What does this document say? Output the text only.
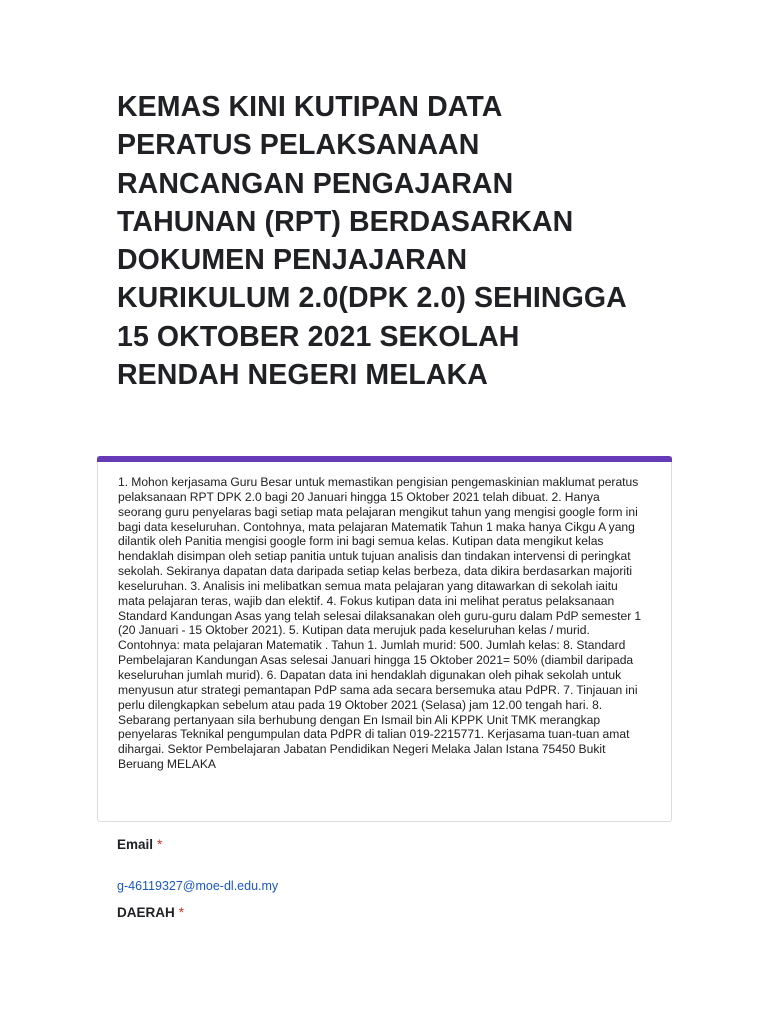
KEMAS KINI KUTIPAN DATA PERATUS PELAKSANAAN RANCANGAN PENGAJARAN TAHUNAN (RPT) BERDASARKAN DOKUMEN PENJAJARAN KURIKULUM 2.0(DPK 2.0) SEHINGGA 15 OKTOBER 2021 SEKOLAH RENDAH NEGERI MELAKA

1. Mohon kerjasama Guru Besar untuk memastikan pengisian pengemaskinian maklumat peratus pelaksanaan RPT DPK 2.0 bagi 20 Januari hingga 15 Oktober 2021 telah dibuat. 2. Hanya seorang guru penyelaras bagi setiap mata pelajaran mengikut tahun yang mengisi google form ini bagi data keseluruhan. Contohnya, mata pelajaran Matematik Tahun 1 maka hanya Cikgu A yang dilantik oleh Panitia mengisi google form ini bagi semua kelas. Kutipan data mengikut kelas hendaklah disimpan oleh setiap panitia untuk tujuan analisis dan tindakan intervensi di peringkat sekolah. Sekiranya dapatan data daripada setiap kelas berbeza, data dikira berdasarkan majoriti keseluruhan. 3. Analisis ini melibatkan semua mata pelajaran yang ditawarkan di sekolah iaitu mata pelajaran teras, wajib dan elektif. 4. Fokus kutipan data ini melihat peratus pelaksanaan Standard Kandungan Asas yang telah selesai dilaksanakan oleh guru-guru dalam PdP semester 1 (20 Januari - 15 Oktober 2021). 5. Kutipan data merujuk pada keseluruhan kelas / murid. Contohnya: mata pelajaran Matematik . Tahun 1. Jumlah murid: 500. Jumlah kelas: 8. Standard Pembelajaran Kandungan Asas selesai Januari hingga 15 Oktober 2021= 50% (diambil daripada keseluruhan jumlah murid). 6. Dapatan data ini hendaklah digunakan oleh pihak sekolah untuk menyusun atur strategi pemantapan PdP sama ada secara bersemuka atau PdPR. 7. Tinjauan ini perlu dilengkapkan sebelum atau pada 19 Oktober 2021 (Selasa) jam 12.00 tengah hari. 8. Sebarang pertanyaan sila berhubung dengan En Ismail bin Ali KPPK Unit TMK merangkap penyelaras Teknikal pengumpulan data PdPR di talian 019-2215771. Kerjasama tuan-tuan amat dihargai. Sektor Pembelajaran Jabatan Pendidikan Negeri Melaka Jalan Istana 75450 Bukit Beruang MELAKA

Email *
g-46119327@moe-dl.edu.my
DAERAH *
